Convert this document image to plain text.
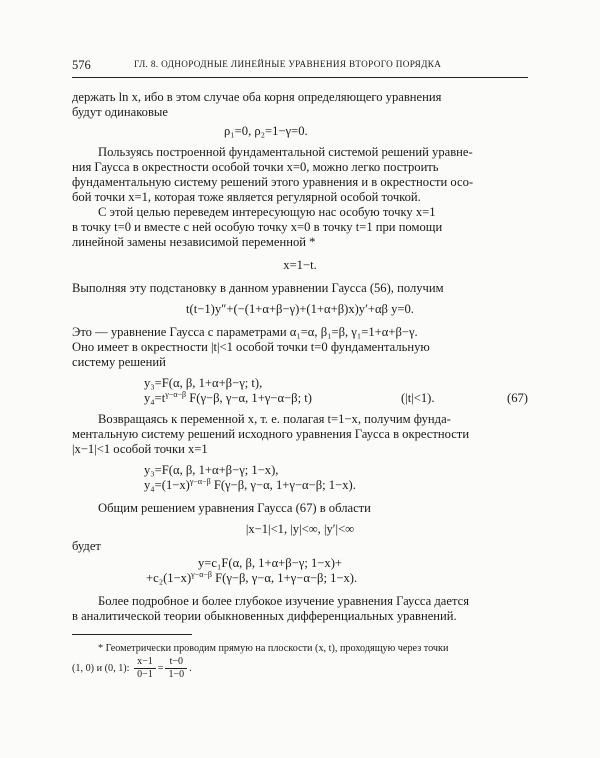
576	ГЛ. 8. ОДНОРОДНЫЕ ЛИНЕЙНЫЕ УРАВНЕНИЯ ВТОРОГО ПОРЯДКА

держать ln x, ибо в этом случае оба корня определяющего уравнения

будут одинаковые

ρ₁=0, ρ₂=1−γ=0.

Пользуясь построенной фундаментальной системой решений уравне-

ния Гаусса в окрестности особой точки x=0, можно легко построить

фундаментальную систему решений этого уравнения и в окрестности осо-

бой точки x=1, которая тоже является регулярной особой точкой.

С этой целью переведем интересующую нас особую точку x=1

в точку t=0 и вместе с ней особую точку x=0 в точку t=1 при помощи

линейной замены независимой переменной *

x=1−t.

Выполняя эту подстановку в данном уравнении Гаусса (56), получим

t(t−1)y″+(−(1+α+β−γ)+(1+α+β)x)y′+αβ y=0.

Это — уравнение Гаусса с параметрами α₁=α, β₁=β, γ₁=1+α+β−γ.

Оно имеет в окрестности |t|<1 особой точки t=0 фундаментальную

систему решений

y₃=F(α, β, 1+α+β−γ; t),

$y_4=t^{\gamma-\alpha-\beta}$ F(γ−β, γ−α, 1+γ−α−β; t)	(|t|<1).	(67)

Возвращаясь к переменной x, т. е. полагая t=1−x, получим фунда-

ментальную систему решений исходного уравнения Гаусса в окрестности

|x−1|<1 особой точки x=1

y₃=F(α, β, 1+α+β−γ; 1−x),

$y_4=(1-x)^{\gamma-\alpha-\beta}$ F(γ−β, γ−α, 1+γ−α−β; 1−x).

Общим решением уравнения Гаусса (67) в области

|x−1|<1, |y|<∞, |y′|<∞

будет

y=c₁F(α, β, 1+α+β−γ; 1−x)+

$+c_2(1-x)^{\gamma-\alpha-\beta}$ F(γ−β, γ−α, 1+γ−α−β; 1−x).

Более подробное и более глубокое изучение уравнения Гаусса дается

в аналитической теории обыкновенных дифференциальных уравнений.

* Геометрически проводим прямую на плоскости (x, t), проходящую через точки

(1, 0) и (0, 1): $\frac{x-1}{0-1} = \frac{t-0}{1-0}$ .
